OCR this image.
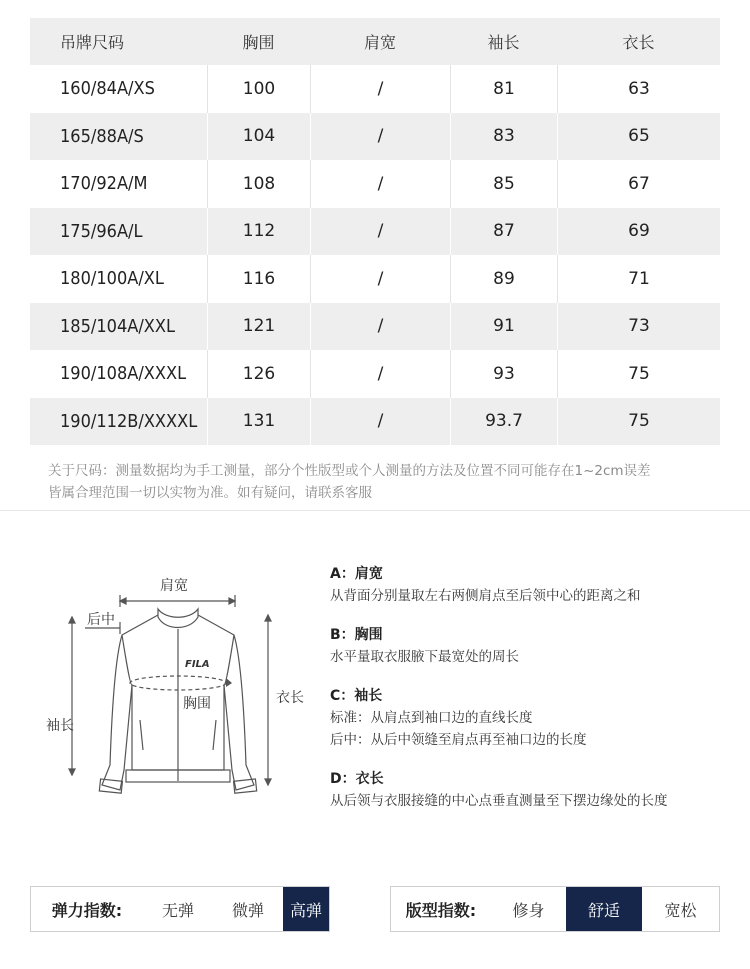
吊牌尺码	胸围	肩宽	袖长	衣长
160/84A/XS	100	/	81	63
165/88A/S	104	/	83	65
170/92A/M	108	/	85	67
175/96A/L	112	/	87	69
180/100A/XL	116	/	89	71
185/104A/XXL	121	/	91	73
190/108A/XXXL	126	/	93	75
190/112B/XXXXL	131	/	93.7	75
关于尺码：测量数据均为手工测量，部分个性版型或个人测量的方法及位置不同可能存在1~2cm误差
皆属合理范围一切以实物为准。如有疑问，请联系客服
肩宽
后中
袖长
胸围	衣长
FILA
A：肩宽
从背面分别量取左右两侧肩点至后领中心的距离之和
B：胸围
水平量取衣服腋下最宽处的周长
C：袖长
标准：从肩点到袖口边的直线长度
后中：从后中领缝至肩点再至袖口边的长度
D：衣长
从后领与衣服接缝的中心点垂直测量至下摆边缘处的长度
弹力指数:	无弹	微弹	高弹	版型指数:	修身	舒适	宽松
